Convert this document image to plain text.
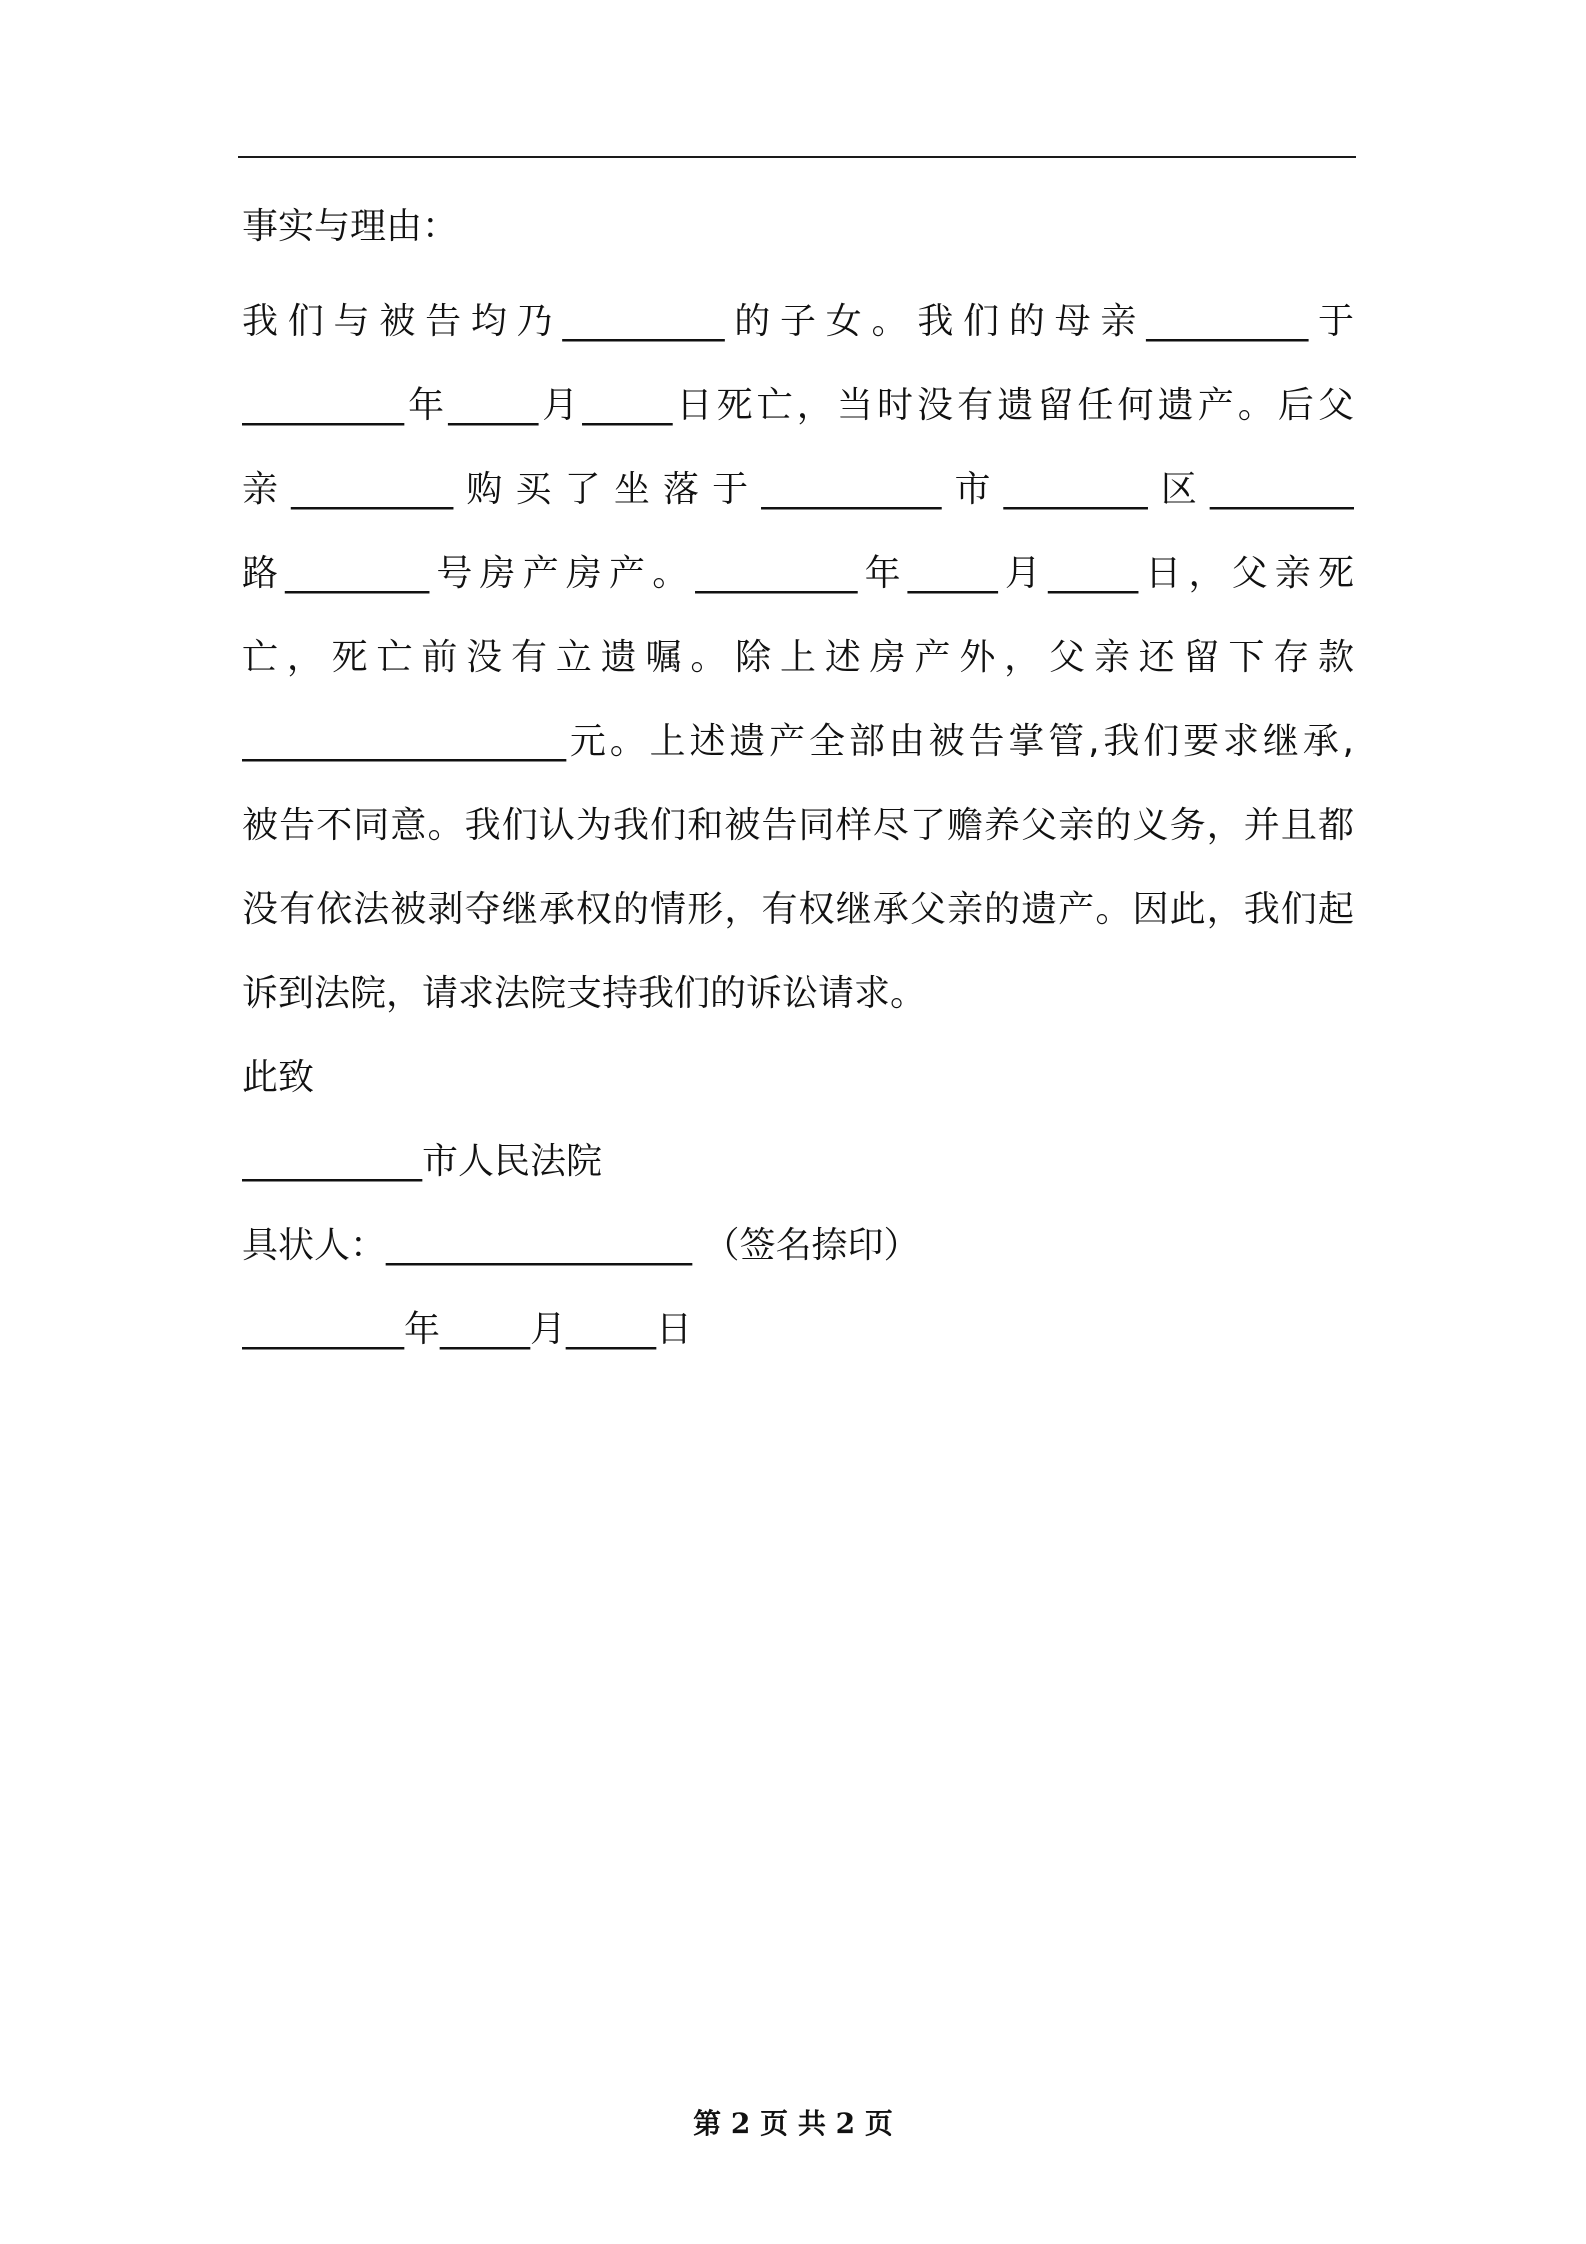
事实与理由：

我们与被告均乃_________的子女。我们的母亲_________于

_________年_____月_____日死亡，当时没有遗留任何遗产。后父

亲_________购买了坐落于__________市________区________

路________号房产房产。_________年_____月_____日，父亲死

亡，死亡前没有立遗嘱。除上述房产外，父亲还留下存款

__________________元。上述遗产全部由被告掌管,我们要求继承,

被告不同意。我们认为我们和被告同样尽了赡养父亲的义务，并且都

没有依法被剥夺继承权的情形，有权继承父亲的遗产。因此，我们起

诉到法院，请求法院支持我们的诉讼请求。

此致

__________市人民法院

具状人：_________________ （签名捺印）

_________年_____月_____日

第 2 页 共 2 页
